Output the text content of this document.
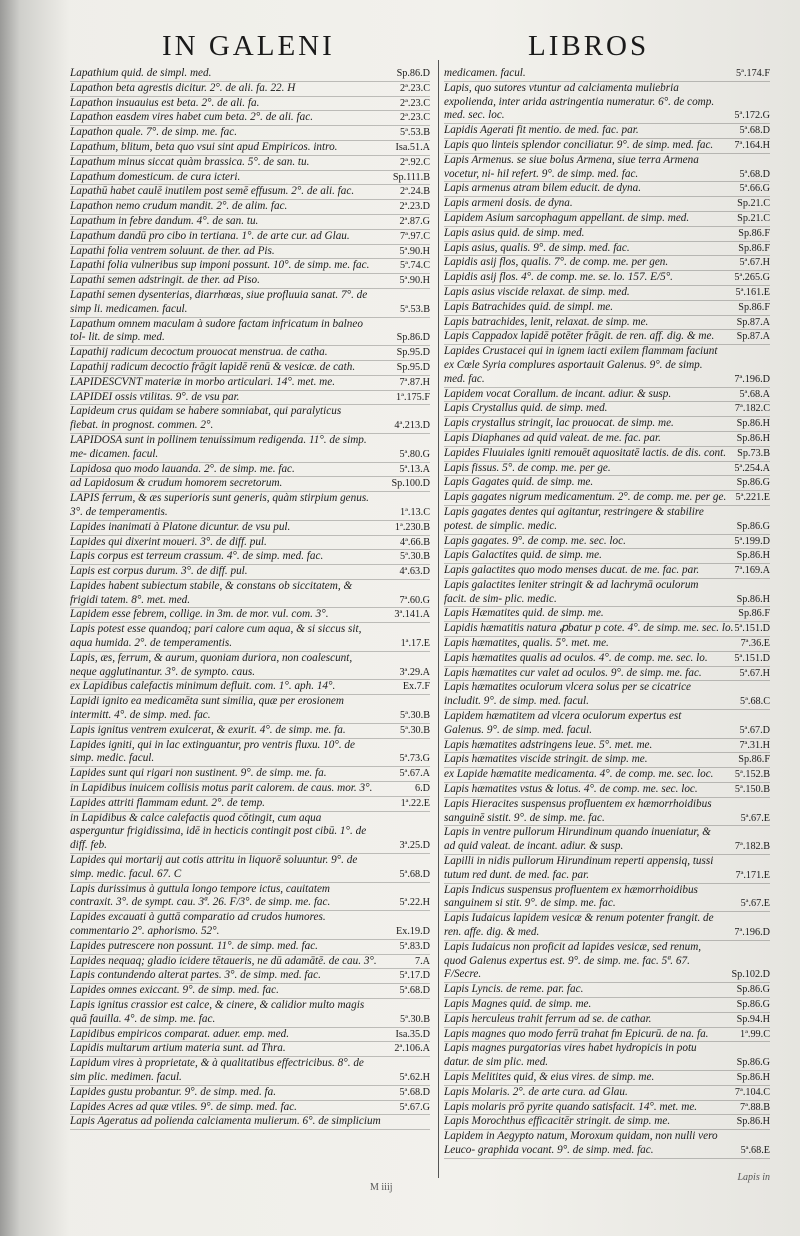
IN GALENI	LIBROS
Lapathium quid. de simpl. med.	Sp.86.D
Lapathon beta agrestis dicitur. 2°. de ali. fa. 22. H	2ª.23.C
Lapathon insuauius est beta. 2°. de ali. fa.	2ª.23.C
Lapathon easdem vires habet cum beta. 2°. de ali. fac.	2ª.23.C
Lapathon quale. 7°. de simp. me. fac.	5ª.53.B
Lapathum, blitum, beta quo vsui sint apud Empiricos. intro.	Isa.51.A
Lapathum minus siccat quàm brassica. 5°. de san. tu.	2ª.92.C
Lapathum domesticum. de cura icteri.	Sp.111.B
Lapathū habet caulē inutilem post semē effusum. 2°. de ali. fac.	2ª.24.B
Lapathon nemo crudum mandit. 2°. de alim. fac.	2ª.23.D
Lapathum in febre dandum. 4°. de san. tu.	2ª.87.G
Lapathum dandū pro cibo in tertiana. 1°. de arte cur. ad Glau.	7ª.97.C
Lapathi folia ventrem soluunt. de ther. ad Pis.	5ª.90.H
Lapathi folia vulneribus sup imponi possunt. 10°. de simp. me. fac.	5ª.74.C
Lapathi semen adstringit. de ther. ad Piso.	5ª.90.H
Lapathi semen dysenterias, diarrhœas, siue profluuia sanat. 7°. de simp li. medicamen. facul.	5ª.53.B
Lapathum omnem maculam à sudore factam infricatum in balneo tol- lit. de simp. med.	Sp.86.D
Lapathij radicum decoctum prouocat menstrua. de catha.	Sp.95.D
Lapathij radicum decoctio frāgit lapidē renū & vesicæ. de cath.	Sp.95.D
LAPIDESCVNT materiæ in morbo articulari. 14°. met. me.	7ª.87.H
LAPIDEI ossis vtilitas. 9°. de vsu par.	1ª.175.F
Lapideum crus quidam se habere somniabat, qui paralyticus fiebat. in prognost. commen. 2°.	4ª.213.D
LAPIDOSA sunt in pollinem tenuissimum redigenda. 11°. de simp. me- dicamen. facul.	5ª.80.G
Lapidosa quo modo lauanda. 2°. de simp. me. fac.	5ª.13.A
ad Lapidosum & crudum homorem secretorum.	Sp.100.D
LAPIS ferrum, & æs superioris sunt generis, quàm stirpium genus. 3°. de temperamentis.	1ª.13.C
Lapides inanimati à Platone dicuntur. de vsu pul.	1ª.230.B
Lapides qui dixerint moueri. 3°. de diff. pul.	4ª.66.B
Lapis corpus est terreum crassum. 4°. de simp. med. fac.	5ª.30.B
Lapis est corpus durum. 3°. de diff. pul.	4ª.63.D
Lapides habent subiectum stabile, & constans ob siccitatem, & frigidi tatem. 8°. met. med.	7ª.60.G
Lapidem esse febrem, collige. in 3m. de mor. vul. com. 3°.	3ª.141.A
Lapis potest esse quandoq; pari calore cum aqua, & si siccus sit, aqua humida. 2°. de temperamentis.	1ª.17.E
Lapis, æs, ferrum, & aurum, quoniam duriora, non coalescunt, neque agglutinantur. 3°. de sympto. caus.	3ª.29.A
ex Lapidibus calefactis minimum defluit. com. 1°. aph. 14°.	Ex.7.F
Lapidi ignito ea medicamēta sunt similia, quæ per erosionem intermitt. 4°. de simp. med. fac.	5ª.30.B
Lapis ignitus ventrem exulcerat, & exurit. 4°. de simp. me. fa.	5ª.30.B
Lapides igniti, qui in lac extinguantur, pro ventris fluxu. 10°. de simp. medic. facul.	5ª.73.G
Lapides sunt qui rigari non sustinent. 9°. de simp. me. fa.	5ª.67.A
in Lapidibus inuicem collisis motus parit calorem. de caus. mor. 3°.	6.D
Lapides attriti flammam edunt. 2°. de temp.	1ª.22.E
in Lapidibus & calce calefactis quod cōtingit, cum aqua asperguntur frigidissima, idē in hecticis contingit post cibū. 1°. de diff. feb.	3ª.25.D
Lapides qui mortarij aut cotis attritu in liquorē soluuntur. 9°. de simp. medic. facul. 67. C	5ª.68.D
Lapis durissimus à guttula longo tempore ictus, cauitatem contraxit. 3°. de sympt. cau. 3ª. 26. F/3°. de simp. me. fac.	5ª.22.H
Lapides excauati à guttā comparatio ad crudos humores. commentario 2°. aphorismo. 52°.	Ex.19.D
Lapides putrescere non possunt. 11°. de simp. med. fac.	5ª.83.D
Lapides nequaq; gladio icidere tētaueris, ne dū adamātē. de cau. 3°.	7.A
Lapis contundendo alterat partes. 3°. de simp. med. fac.	5ª.17.D
Lapides omnes exiccant. 9°. de simp. med. fac.	5ª.68.D
Lapis ignitus crassior est calce, & cinere, & calidior multo magis quā fauilla. 4°. de simp. me. fac.	5ª.30.B
Lapidibus empiricos comparat. aduer. emp. med.	Isa.35.D
Lapidis multarum artium materia sunt. ad Thra.	2ª.106.A
Lapidum vires à proprietate, & à qualitatibus effectricibus. 8°. de sim plic. medimen. facul.	5ª.62.H
Lapides gustu probantur. 9°. de simp. med. fa.	5ª.68.D
Lapides Acres ad quæ vtiles. 9°. de simp. med. fac.	5ª.67.G
Lapis Ageratus ad polienda calciamenta mulierum. 6°. de simplicium
medicamen. facul.	5ª.174.F
Lapis, quo sutores vtuntur ad calciamenta muliebria expolienda, inter arida astringentia numeratur. 6°. de comp. med. sec. loc.	5ª.172.G
Lapidis Agerati fit mentio. de med. fac. par.	5ª.68.D
Lapis quo linteis splendor conciliatur. 9°. de simp. med. fac. 7ª.164.H
Lapis Armenus. se siue bolus Armena, siue terra Armena vocetur, ni- hil refert. 9°. de simp. med. fac.	5ª.68.D
Lapis armenus atram bilem educit. de dyna.	5ª.66.G
Lapis armeni dosis. de dyna.	Sp.21.C
Lapidem Asium sarcophagum appellant. de simp. med.	Sp.21.C
Lapis asius quid. de simp. med.	Sp.86.F
Lapis asius, qualis. 9°. de simp. med. fac.	Sp.86.F
Lapidis asij flos, qualis. 7°. de comp. me. per gen.	5ª.67.H
Lapidis asij flos. 4°. de comp. me. se. lo. 157. E/5°.	5ª.265.G
Lapis asius viscide relaxat. de simp. med.	5ª.161.E
Lapis Batrachides quid. de simpl. me.	Sp.86.F
Lapis batrachides, lenit, relaxat. de simp. me.	Sp.87.A
Lapis Cappadox lapidē potēter frāgit. de ren. aff. dig. & me. Sp.87.A
Lapides Crustacei qui in ignem iacti exilem flammam faciunt ex Cœle Syria complures asportauit Galenus. 9°. de simp. med. fac.	7ª.196.D
Lapidem vocat Corallum. de incant. adiur. & susp.	5ª.68.A
Lapis Crystallus quid. de simp. med.	7ª.182.C
Lapis crystallus stringit, lac prouocat. de simp. me.	Sp.86.H
Lapis Diaphanes ad quid valeat. de me. fac. par.	Sp.86.H
Lapides Fluuiales igniti remouēt aquositatē lactis. de dis. cont. Sp.73.B
Lapis fissus. 5°. de comp. me. per ge.	5ª.254.A
Lapis Gagates quid. de simp. me.	Sp.86.G
Lapis gagates nigrum medicamentum. 2°. de comp. me. per ge. 5ª.221.E
Lapis gagates dentes qui agitantur, restringere & stabilire potest. de simplic. medic.	Sp.86.G
Lapis gagates. 9°. de comp. me. sec. loc.	5ª.199.D
Lapis Galactites quid. de simp. me.	Sp.86.H
Lapis galactites quo modo menses ducat. de me. fac. par.	7ª.169.A
Lapis galactites leniter stringit & ad lachrymā oculorum facit. de sim- plic. medic.	Sp.86.H
Lapis Hæmatites quid. de simp. me.	Sp.86.F
Lapidis hæmatitis natura ꝓbatur p cote. 4°. de simp. me. sec. lo. 5ª.151.D
Lapis hæmatites, qualis. 5°. met. me.	7ª.36.E
Lapis hæmatites qualis ad oculos. 4°. de comp. me. sec. lo.	5ª.151.D
Lapis hæmatites cur valet ad oculos. 9°. de simp. me. fac.	5ª.67.H
Lapis hæmatites oculorum vlcera solus per se cicatrice includit. 9°. de simp. med. facul.	5ª.68.C
Lapidem hæmatitem ad vlcera oculorum expertus est Galenus. 9°. de simp. med. facul.	5ª.67.D
Lapis hæmatites adstringens leue. 5°. met. me.	7ª.31.H
Lapis hæmatites viscide stringit. de simp. me.	Sp.86.F
ex Lapide hæmatite medicamenta. 4°. de comp. me. sec. loc. 5ª.152.B
Lapis hæmatites vstus & lotus. 4°. de comp. me. sec. loc.	5ª.150.B
Lapis Hieracites suspensus profluentem ex hæmorrhoidibus sanguinē sistit. 9°. de simp. me. fac.	5ª.67.E
Lapis in ventre pullorum Hirundinum quando inueniatur, & ad quid valeat. de incant. adiur. & susp.	7ª.182.B
Lapilli in nidis pullorum Hirundinum reperti appensiq, tussi tutum red dunt. de med. fac. par.	7ª.171.E
Lapis Indicus suspensus profluentem ex hæmorrhoidibus sanguinem si stit. 9°. de simp. me. fac.	5ª.67.E
Lapis Iudaicus lapidem vesicæ & renum potenter frangit. de ren. affe. dig. & med.	7ª.196.D
Lapis Iudaicus non proficit ad lapides vesicæ, sed renum, quod Galenus expertus est. 9°. de simp. me. fac. 5ª. 67. F/Secre.	Sp.102.D
Lapis Lyncis. de reme. par. fac.	Sp.86.G
Lapis Magnes quid. de simp. me.	Sp.86.G
Lapis herculeus trahit ferrum ad se. de cathar.	Sp.94.H
Lapis magnes quo modo ferrū trahat fm Epicurū. de na. fa.	1ª.99.C
Lapis magnes purgatorias vires habet hydropicis in potu datur. de sim plic. med.	Sp.86.G
Lapis Melitites quid, & eius vires. de simp. me.	Sp.86.H
Lapis Molaris. 2°. de arte cura. ad Glau.	7ª.104.C
Lapis molaris prō pyrite quando satisfacit. 14°. met. me.	7ª.88.B
Lapis Morochthus efficacitēr stringit. de simp. me.	Sp.86.H
Lapidem in Aegypto natum, Moroxum quidam, non nulli vero Leuco- graphida vocant. 9°. de simp. med. fac.	5ª.68.E
M iiij
Lapis in
